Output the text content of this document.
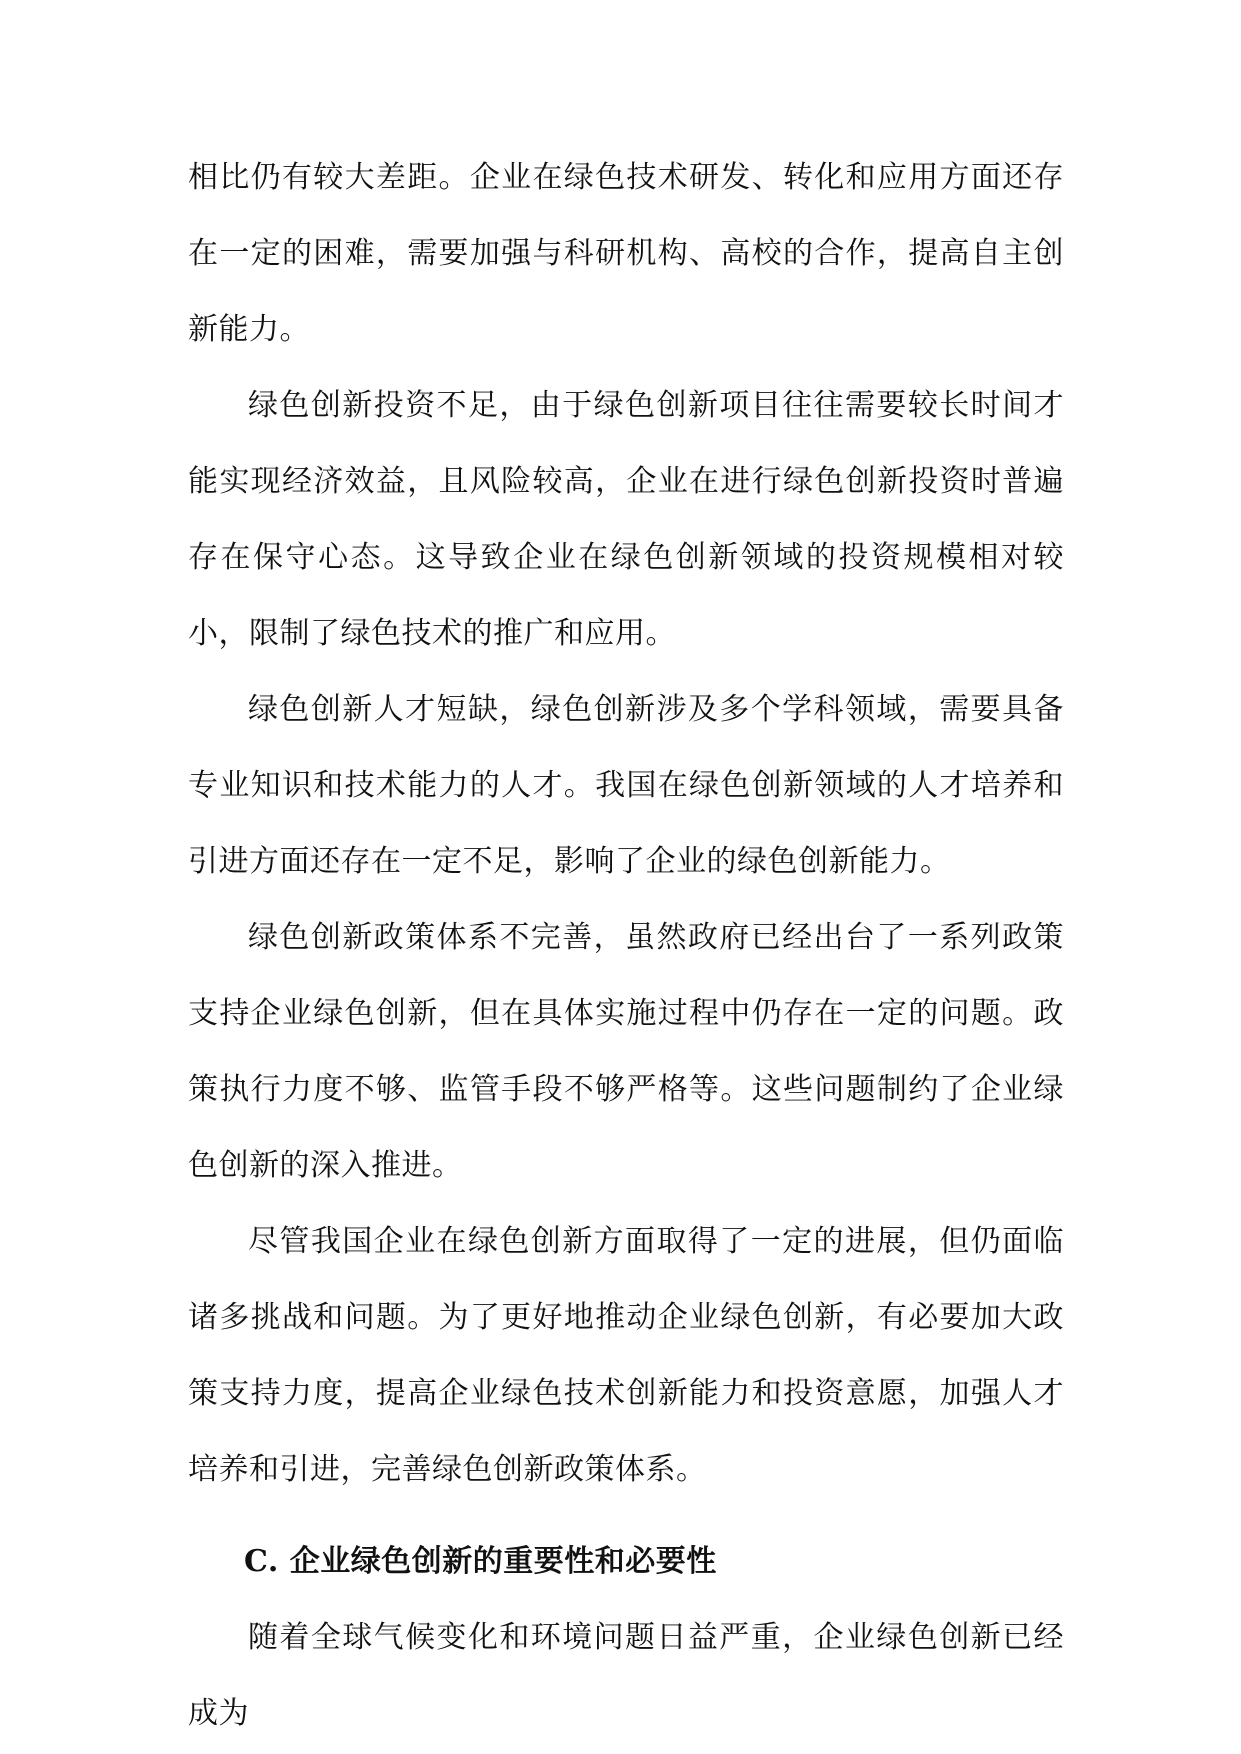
相比仍有较大差距。企业在绿色技术研发、转化和应用方面还存在一定的困难，需要加强与科研机构、高校的合作，提高自主创新能力。

绿色创新投资不足，由于绿色创新项目往往需要较长时间才能实现经济效益，且风险较高，企业在进行绿色创新投资时普遍存在保守心态。这导致企业在绿色创新领域的投资规模相对较小，限制了绿色技术的推广和应用。

绿色创新人才短缺，绿色创新涉及多个学科领域，需要具备专业知识和技术能力的人才。我国在绿色创新领域的人才培养和引进方面还存在一定不足，影响了企业的绿色创新能力。

绿色创新政策体系不完善，虽然政府已经出台了一系列政策支持企业绿色创新，但在具体实施过程中仍存在一定的问题。政策执行力度不够、监管手段不够严格等。这些问题制约了企业绿色创新的深入推进。

尽管我国企业在绿色创新方面取得了一定的进展，但仍面临诸多挑战和问题。为了更好地推动企业绿色创新，有必要加大政策支持力度，提高企业绿色技术创新能力和投资意愿，加强人才培养和引进，完善绿色创新政策体系。

C. 企业绿色创新的重要性和必要性

随着全球气候变化和环境问题日益严重，企业绿色创新已经成为
